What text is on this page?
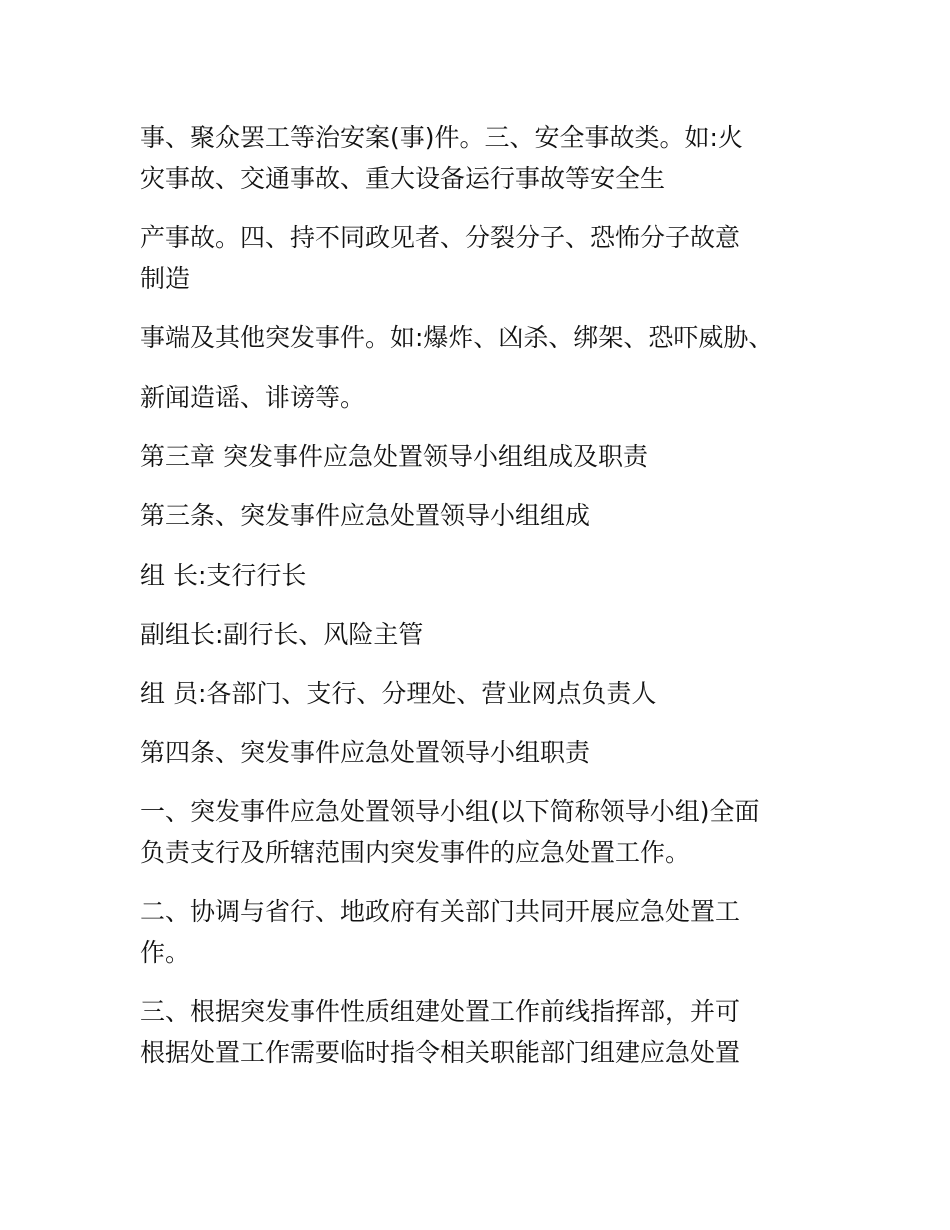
事、聚众罢工等治安案(事)件。三、安全事故类。如:火
灾事故、交通事故、重大设备运行事故等安全生

产事故。四、持不同政见者、分裂分子、恐怖分子故意
制造

事端及其他突发事件。如:爆炸、凶杀、绑架、恐吓威胁、

新闻造谣、诽谤等。

第三章 突发事件应急处置领导小组组成及职责

第三条、突发事件应急处置领导小组组成

组 长:支行行长

副组长:副行长、风险主管

组 员:各部门、支行、分理处、营业网点负责人

第四条、突发事件应急处置领导小组职责

一、突发事件应急处置领导小组(以下简称领导小组)全面
负责支行及所辖范围内突发事件的应急处置工作。

二、协调与省行、地政府有关部门共同开展应急处置工
作。

三、根据突发事件性质组建处置工作前线指挥部，并可
根据处置工作需要临时指令相关职能部门组建应急处置
